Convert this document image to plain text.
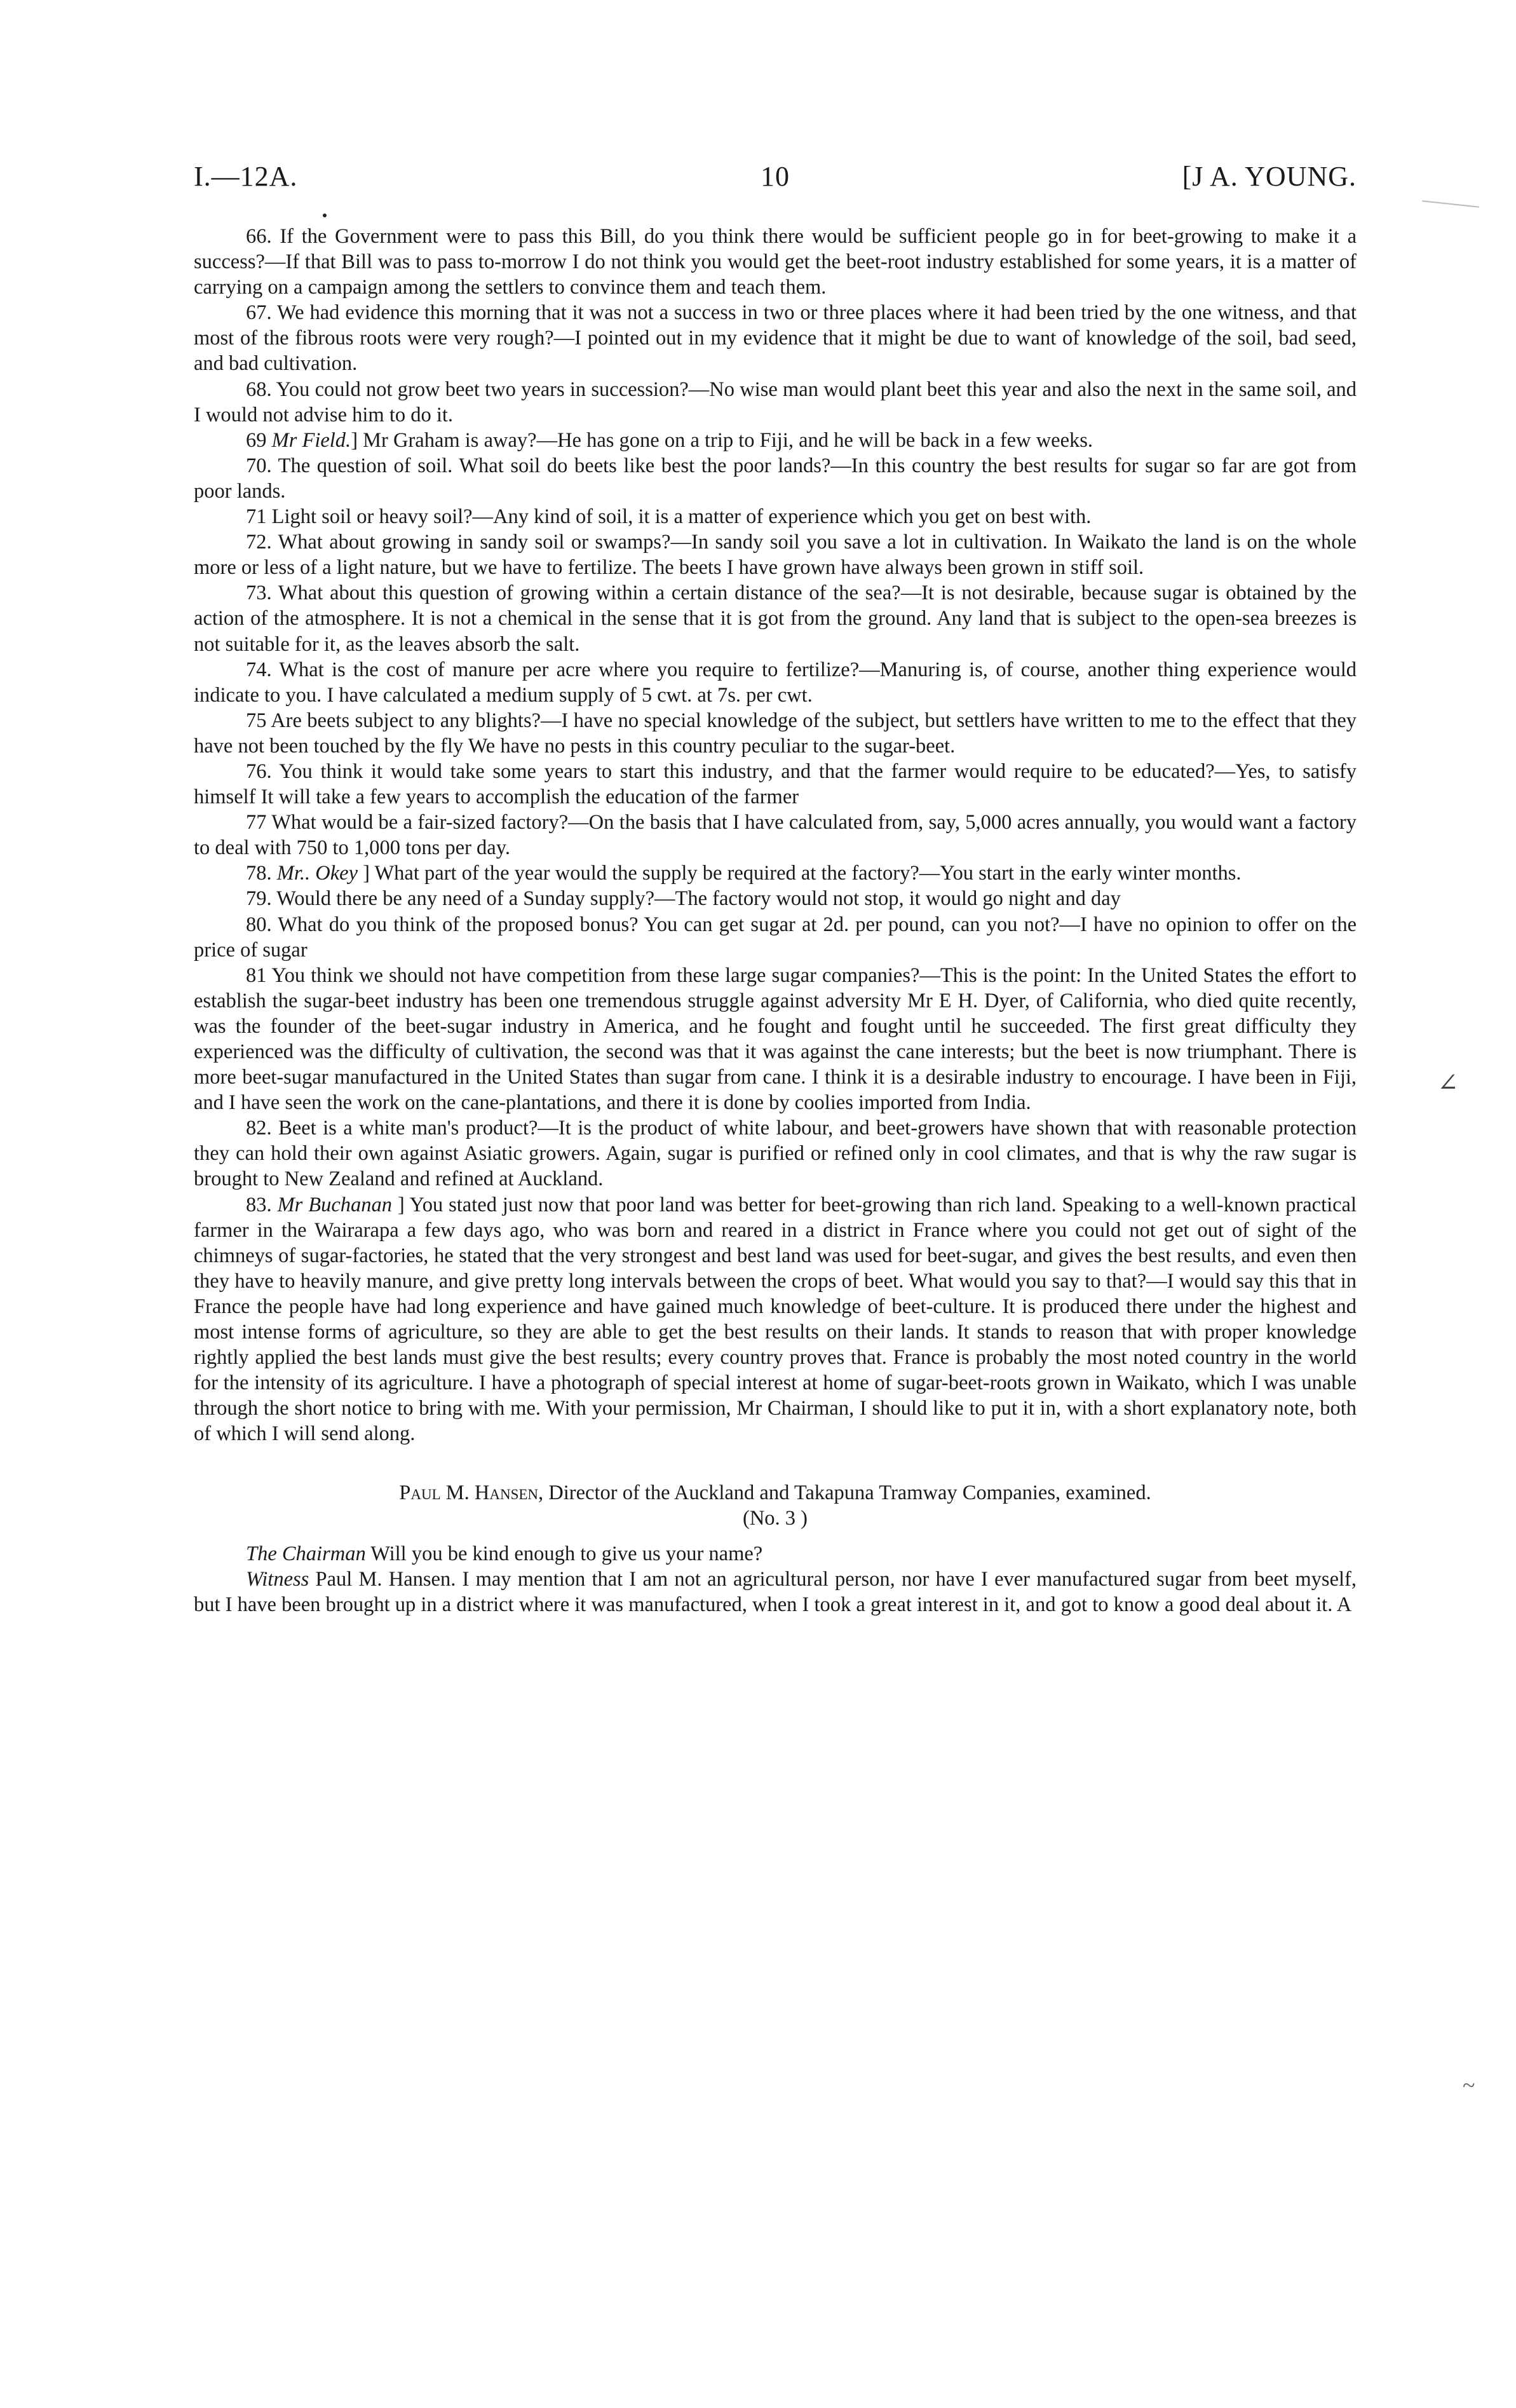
I.—12A.	10	[J A. YOUNG.
∠
~

66. If the Government were to pass this Bill, do you think there would be sufficient people go in for beet-growing to make it a success?—If that Bill was to pass to-morrow I do not think you would get the beet-root industry established for some years, it is a matter of carrying on a campaign among the settlers to convince them and teach them.

67. We had evidence this morning that it was not a success in two or three places where it had been tried by the one witness, and that most of the fibrous roots were very rough?—I pointed out in my evidence that it might be due to want of knowledge of the soil, bad seed, and bad cultivation.

68. You could not grow beet two years in succession?—No wise man would plant beet this year and also the next in the same soil, and I would not advise him to do it.

69 Mr Field.] Mr Graham is away?—He has gone on a trip to Fiji, and he will be back in a few weeks.

70. The question of soil. What soil do beets like best the poor lands?—In this country the best results for sugar so far are got from poor lands.

71 Light soil or heavy soil?—Any kind of soil, it is a matter of experience which you get on best with.

72. What about growing in sandy soil or swamps?—In sandy soil you save a lot in cultivation. In Waikato the land is on the whole more or less of a light nature, but we have to fertilize. The beets I have grown have always been grown in stiff soil.

73. What about this question of growing within a certain distance of the sea?—It is not desirable, because sugar is obtained by the action of the atmosphere. It is not a chemical in the sense that it is got from the ground. Any land that is subject to the open-sea breezes is not suitable for it, as the leaves absorb the salt.

74. What is the cost of manure per acre where you require to fertilize?—Manuring is, of course, another thing experience would indicate to you. I have calculated a medium supply of 5 cwt. at 7s. per cwt.

75 Are beets subject to any blights?—I have no special knowledge of the subject, but settlers have written to me to the effect that they have not been touched by the fly We have no pests in this country peculiar to the sugar-beet.

76. You think it would take some years to start this industry, and that the farmer would require to be educated?—Yes, to satisfy himself It will take a few years to accomplish the education of the farmer

77 What would be a fair-sized factory?—On the basis that I have calculated from, say, 5,000 acres annually, you would want a factory to deal with 750 to 1,000 tons per day.

78. Mr.. Okey ] What part of the year would the supply be required at the factory?—You start in the early winter months.

79. Would there be any need of a Sunday supply?—The factory would not stop, it would go night and day

80. What do you think of the proposed bonus? You can get sugar at 2d. per pound, can you not?—I have no opinion to offer on the price of sugar

81 You think we should not have competition from these large sugar companies?—This is the point: In the United States the effort to establish the sugar-beet industry has been one tremendous struggle against adversity Mr E H. Dyer, of California, who died quite recently, was the founder of the beet-sugar industry in America, and he fought and fought until he succeeded. The first great difficulty they experienced was the difficulty of cultivation, the second was that it was against the cane interests; but the beet is now triumphant. There is more beet-sugar manufactured in the United States than sugar from cane. I think it is a desirable industry to encourage. I have been in Fiji, and I have seen the work on the cane-plantations, and there it is done by coolies imported from India.

82. Beet is a white man's product?—It is the product of white labour, and beet-growers have shown that with reasonable protection they can hold their own against Asiatic growers. Again, sugar is purified or refined only in cool climates, and that is why the raw sugar is brought to New Zealand and refined at Auckland.

83. Mr Buchanan ] You stated just now that poor land was better for beet-growing than rich land. Speaking to a well-known practical farmer in the Wairarapa a few days ago, who was born and reared in a district in France where you could not get out of sight of the chimneys of sugar-factories, he stated that the very strongest and best land was used for beet-sugar, and gives the best results, and even then they have to heavily manure, and give pretty long intervals between the crops of beet. What would you say to that?—I would say this that in France the people have had long experience and have gained much knowledge of beet-culture. It is produced there under the highest and most intense forms of agriculture, so they are able to get the best results on their lands. It stands to reason that with proper knowledge rightly applied the best lands must give the best results; every country proves that. France is probably the most noted country in the world for the intensity of its agriculture. I have a photograph of special interest at home of sugar-beet-roots grown in Waikato, which I was unable through the short notice to bring with me. With your permission, Mr Chairman, I should like to put it in, with a short explanatory note, both of which I will send along.

Paul M. Hansen, Director of the Auckland and Takapuna Tramway Companies, examined.

(No. 3 )

The Chairman Will you be kind enough to give us your name?

Witness Paul M. Hansen. I may mention that I am not an agricultural person, nor have I ever manufactured sugar from beet myself, but I have been brought up in a district where it was manufactured, when I took a great interest in it, and got to know a good deal about it. A
